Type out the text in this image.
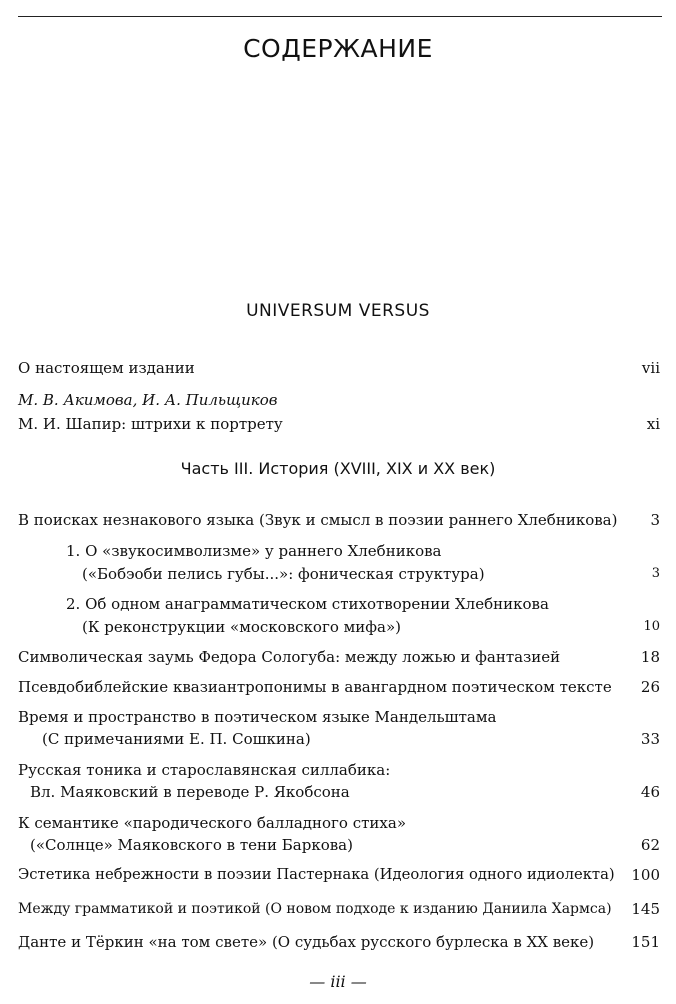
СОДЕРЖАНИЕ
UNIVERSUM VERSUS
О настоящем издании	vii
М. В. Акимова, И. А. Пильщиков
М. И. Шапир: штрихи к портрету	xi
Часть III. История (XVIII, XIX и XX век)
В поисках незнакового языка (Звук и смысл в поэзии раннего Хлебникова) 3
1. О «звукосимволизме» у раннего Хлебникова
(«Бобэоби пелись губы...»: фоническая структура)	3
2. Об одном анаграмматическом стихотворении Хлебникова
(К реконструкции «московского мифа»)	10
Символическая заумь Федора Сологуба: между ложью и фантазией	18
Псевдобиблейские квазиантропонимы в авангардном поэтическом тексте 26
Время и пространство в поэтическом языке Мандельштама
(С примечаниями Е. П. Сошкина)	33
Русская тоника и старославянская силлабика:
Вл. Маяковский в переводе Р. Якобсона	46
К семантике «пародического балладного стиха»
(«Солнце» Маяковского в тени Баркова)	62
Эстетика небрежности в поэзии Пастернака (Идеология одного идиолекта) 100
Между грамматикой и поэтикой (О новом подходе к изданию Даниила Хармса) 145
Данте и Тёркин «на том свете» (О судьбах русского бурлеска в XX веке) 151
— iii —
